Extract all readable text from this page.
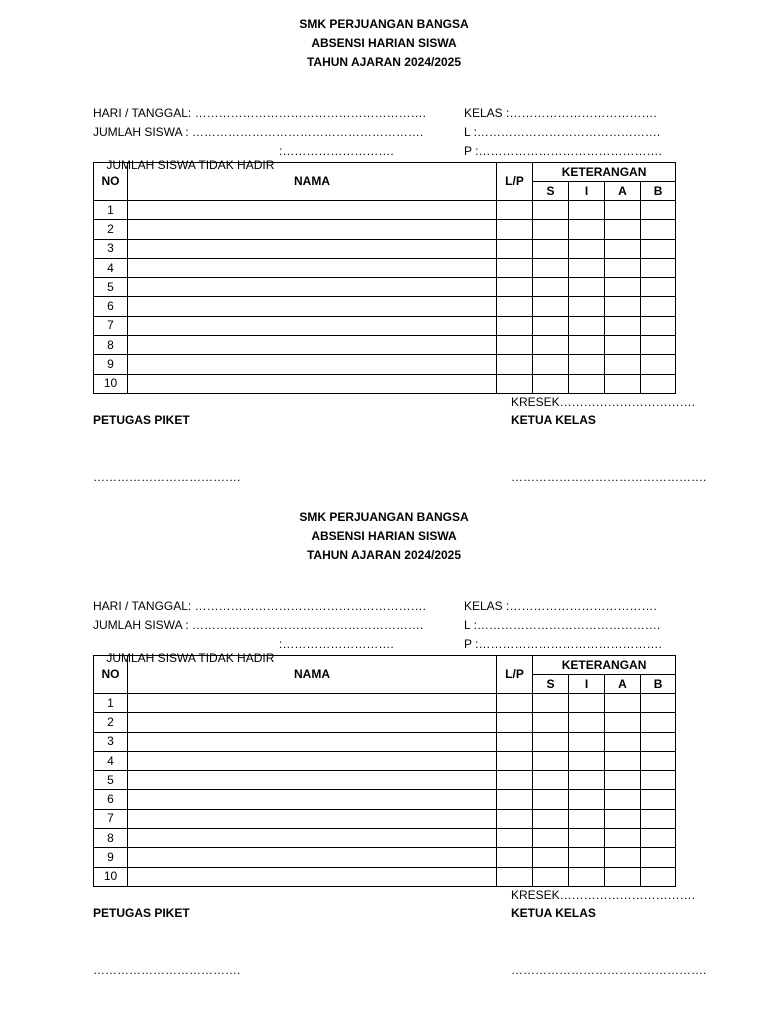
SMK PERJUANGAN BANGSA
ABSENSI HARIAN SISWA
TAHUN AJARAN 2024/2025
HARI / TANGGAL: ………………………………………………….	KELAS :……………………………….
JUMLAH SISWA : ………………………………………………….	L :……………………………………….

JUMLAH SISWA TIDAK HADIR

:……………………….

	P :……………………………………….
NO	NAMA	L/P	KETERANGAN			
			S	I	A	B
1						
2						
3						
4						
5						
6						
7						
8						
9						
10						
KRESEK…………………………….
PETUGAS PIKET	KETUA KELAS
……………………………….	………………………………………….
SMK PERJUANGAN BANGSA
ABSENSI HARIAN SISWA
TAHUN AJARAN 2024/2025
HARI / TANGGAL: ………………………………………………….	KELAS :……………………………….
JUMLAH SISWA : ………………………………………………….	L :……………………………………….

JUMLAH SISWA TIDAK HADIR

:……………………….

	P :……………………………………….
NO	NAMA	L/P	KETERANGAN			
			S	I	A	B
1						
2						
3						
4						
5						
6						
7						
8						
9						
10						
KRESEK…………………………….
PETUGAS PIKET	KETUA KELAS
……………………………….	………………………………………….
